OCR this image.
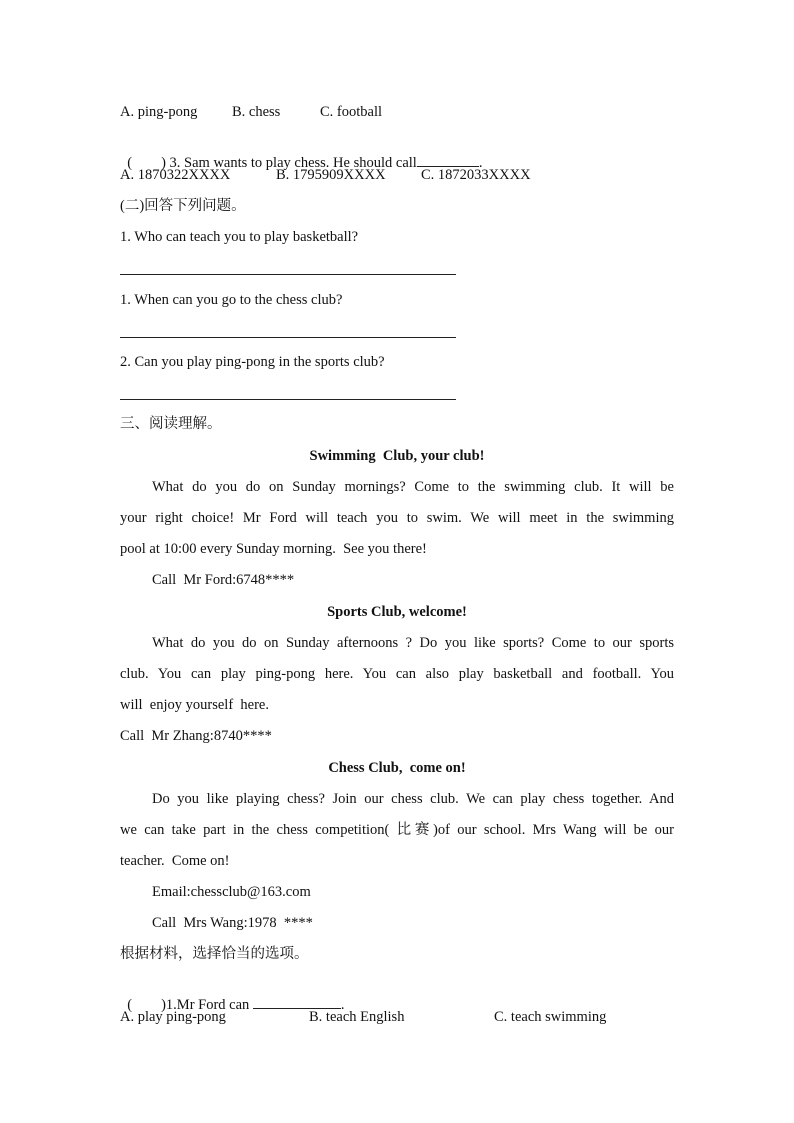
A. ping-pong B. chess	C. football

(        ) 3. Sam wants to play chess. He should call	.

A. 1870322XXXX	B. 1795909XXXX C. 1872033XXXX
(二)回答下列问题。
1. Who can teach you to play basketball?
1. When can you go to the chess club?
2. Can you play ping-pong in the sports club?
三、阅读理解。
Swimming  Club, your club!
What do you do on Sunday mornings? Come to the swimming club. It will be
your right choice! Mr Ford will teach you to swim. We will meet in the swimming
pool at 10:00 every Sunday morning.  See you there!
Call  Mr Ford:6748****
Sports Club, welcome!
What do you do on Sunday afternoons ? Do you like sports? Come to our sports
club. You can play ping-pong here. You can also play basketball and football. You
will  enjoy yourself  here.
Call  Mr Zhang:8740****
Chess Club,  come on!
Do you like playing chess? Join our chess club. We can play chess together. And
we can take part in the chess competition( 比赛)of our school. Mrs Wang will be our
teacher.  Come on!
Email:chessclub@163.com
Call  Mrs Wang:1978  ****
根据材料，选择恰当的选项。

(        )1.Mr Ford can	.

A. play ping-pong	B. teach English	C. teach swimming
